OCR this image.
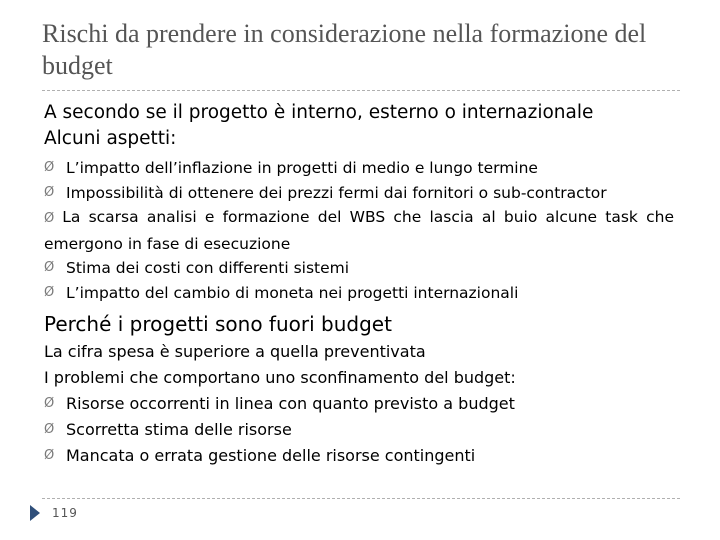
Rischi da prendere in considerazione nella formazione del budget

A secondo se il progetto è interno, esterno o internazionale

Alcuni aspetti:

Ø L’impatto dell’inflazione in progetti di medio e lungo termine
Ø Impossibilità di ottenere dei prezzi fermi dai fornitori o sub-contractor
Ø La scarsa analisi e formazione del WBS che lascia al buio alcune task che emergono in fase di esecuzione
Ø Stima dei costi con differenti sistemi
Ø L’impatto del cambio di moneta nei progetti internazionali

Perché i progetti sono fuori budget

La cifra spesa è superiore a quella preventivata

I problemi che comportano uno sconfinamento del budget:

Ø Risorse occorrenti in linea con quanto previsto a budget
Ø Scorretta stima delle risorse
Ø Mancata o errata gestione delle risorse contingenti
119
